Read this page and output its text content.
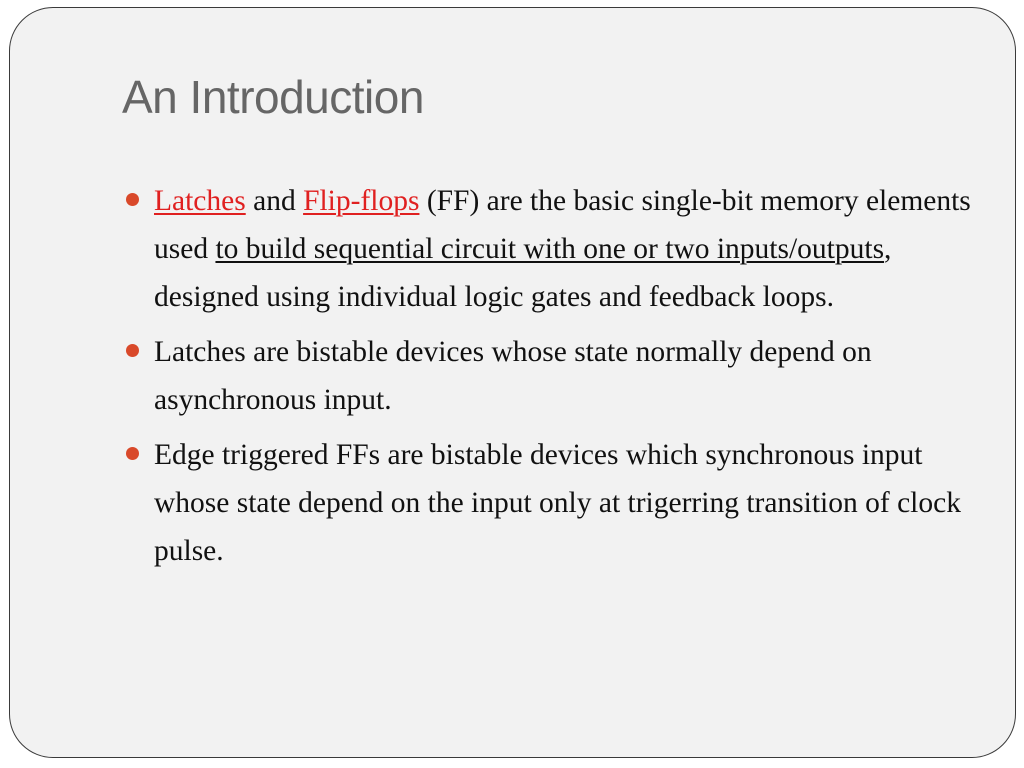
An Introduction
Latches and Flip-flops (FF) are the basic single-bit memory elements used to build sequential circuit with one or two inputs/outputs, designed using individual logic gates and feedback loops.
Latches are bistable devices whose state normally depend on asynchronous input.
Edge triggered FFs are bistable devices which synchronous input whose state depend on the input only at trigerring transition of clock pulse.
